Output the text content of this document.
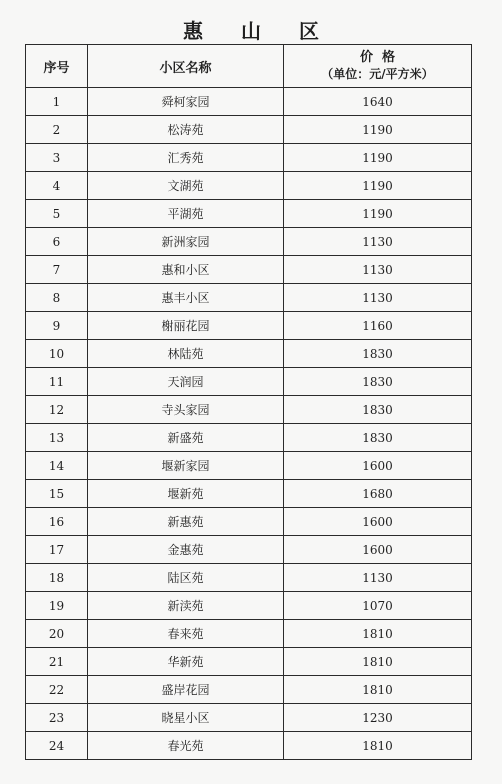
惠 山 区
序号	小区名称	价  格
（单位：元/平方米）

1	舜柯家园	1640
2	松涛苑	1190
3	汇秀苑	1190
4	文湖苑	1190
5	平湖苑	1190
6	新洲家园	1130
7	惠和小区	1130
8	惠丰小区	1130
9	榭丽花园	1160
10	林陆苑	1830
11	天润园	1830
12	寺头家园	1830
13	新盛苑	1830
14	堰新家园	1600
15	堰新苑	1680
16	新惠苑	1600
17	金惠苑	1600
18	陆区苑	1130
19	新渎苑	1070
20	春来苑	1810
21	华新苑	1810
22	盛岸花园	1810
23	晓星小区	1230
24	春光苑	1810
